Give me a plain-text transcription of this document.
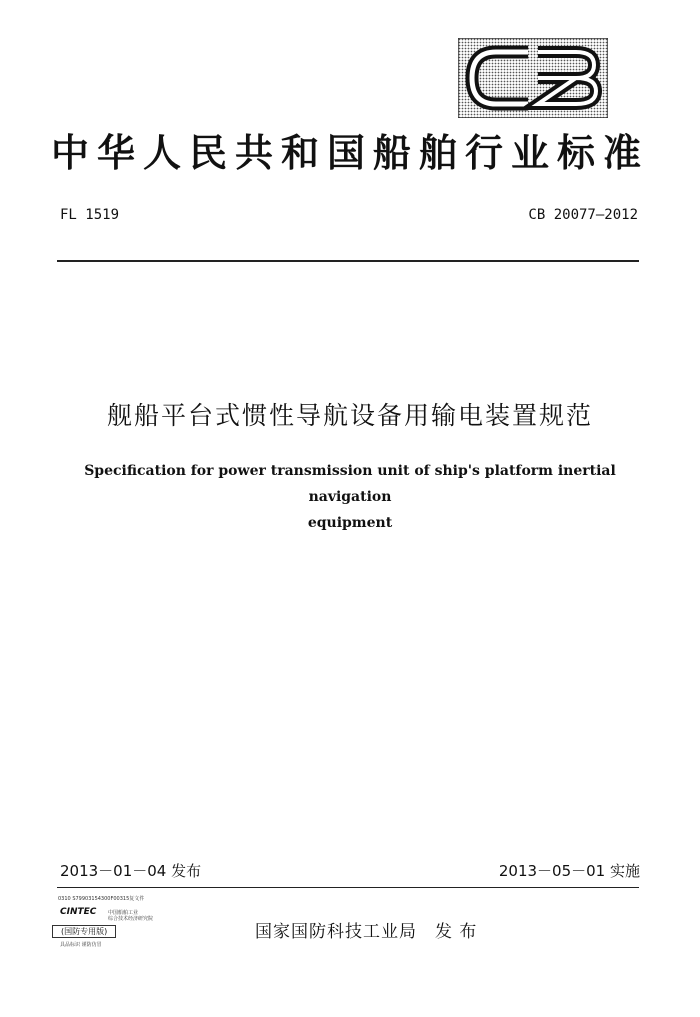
中华人民共和国船舶行业标准
FL 1519	CB 20077—2012
舰船平台式惯性导航设备用输电装置规范
Specification for power transmission unit of ship's platform inertial navigation
equipment
2013－01－04 发布	2013－05－01 实施
0310 S79903154300F00315复文件
CINTEC 中国船舶工业
综合技术经济研究院
(国防专用版)
具品标识 谨防仿冒
国家国防科技工业局　发 布
